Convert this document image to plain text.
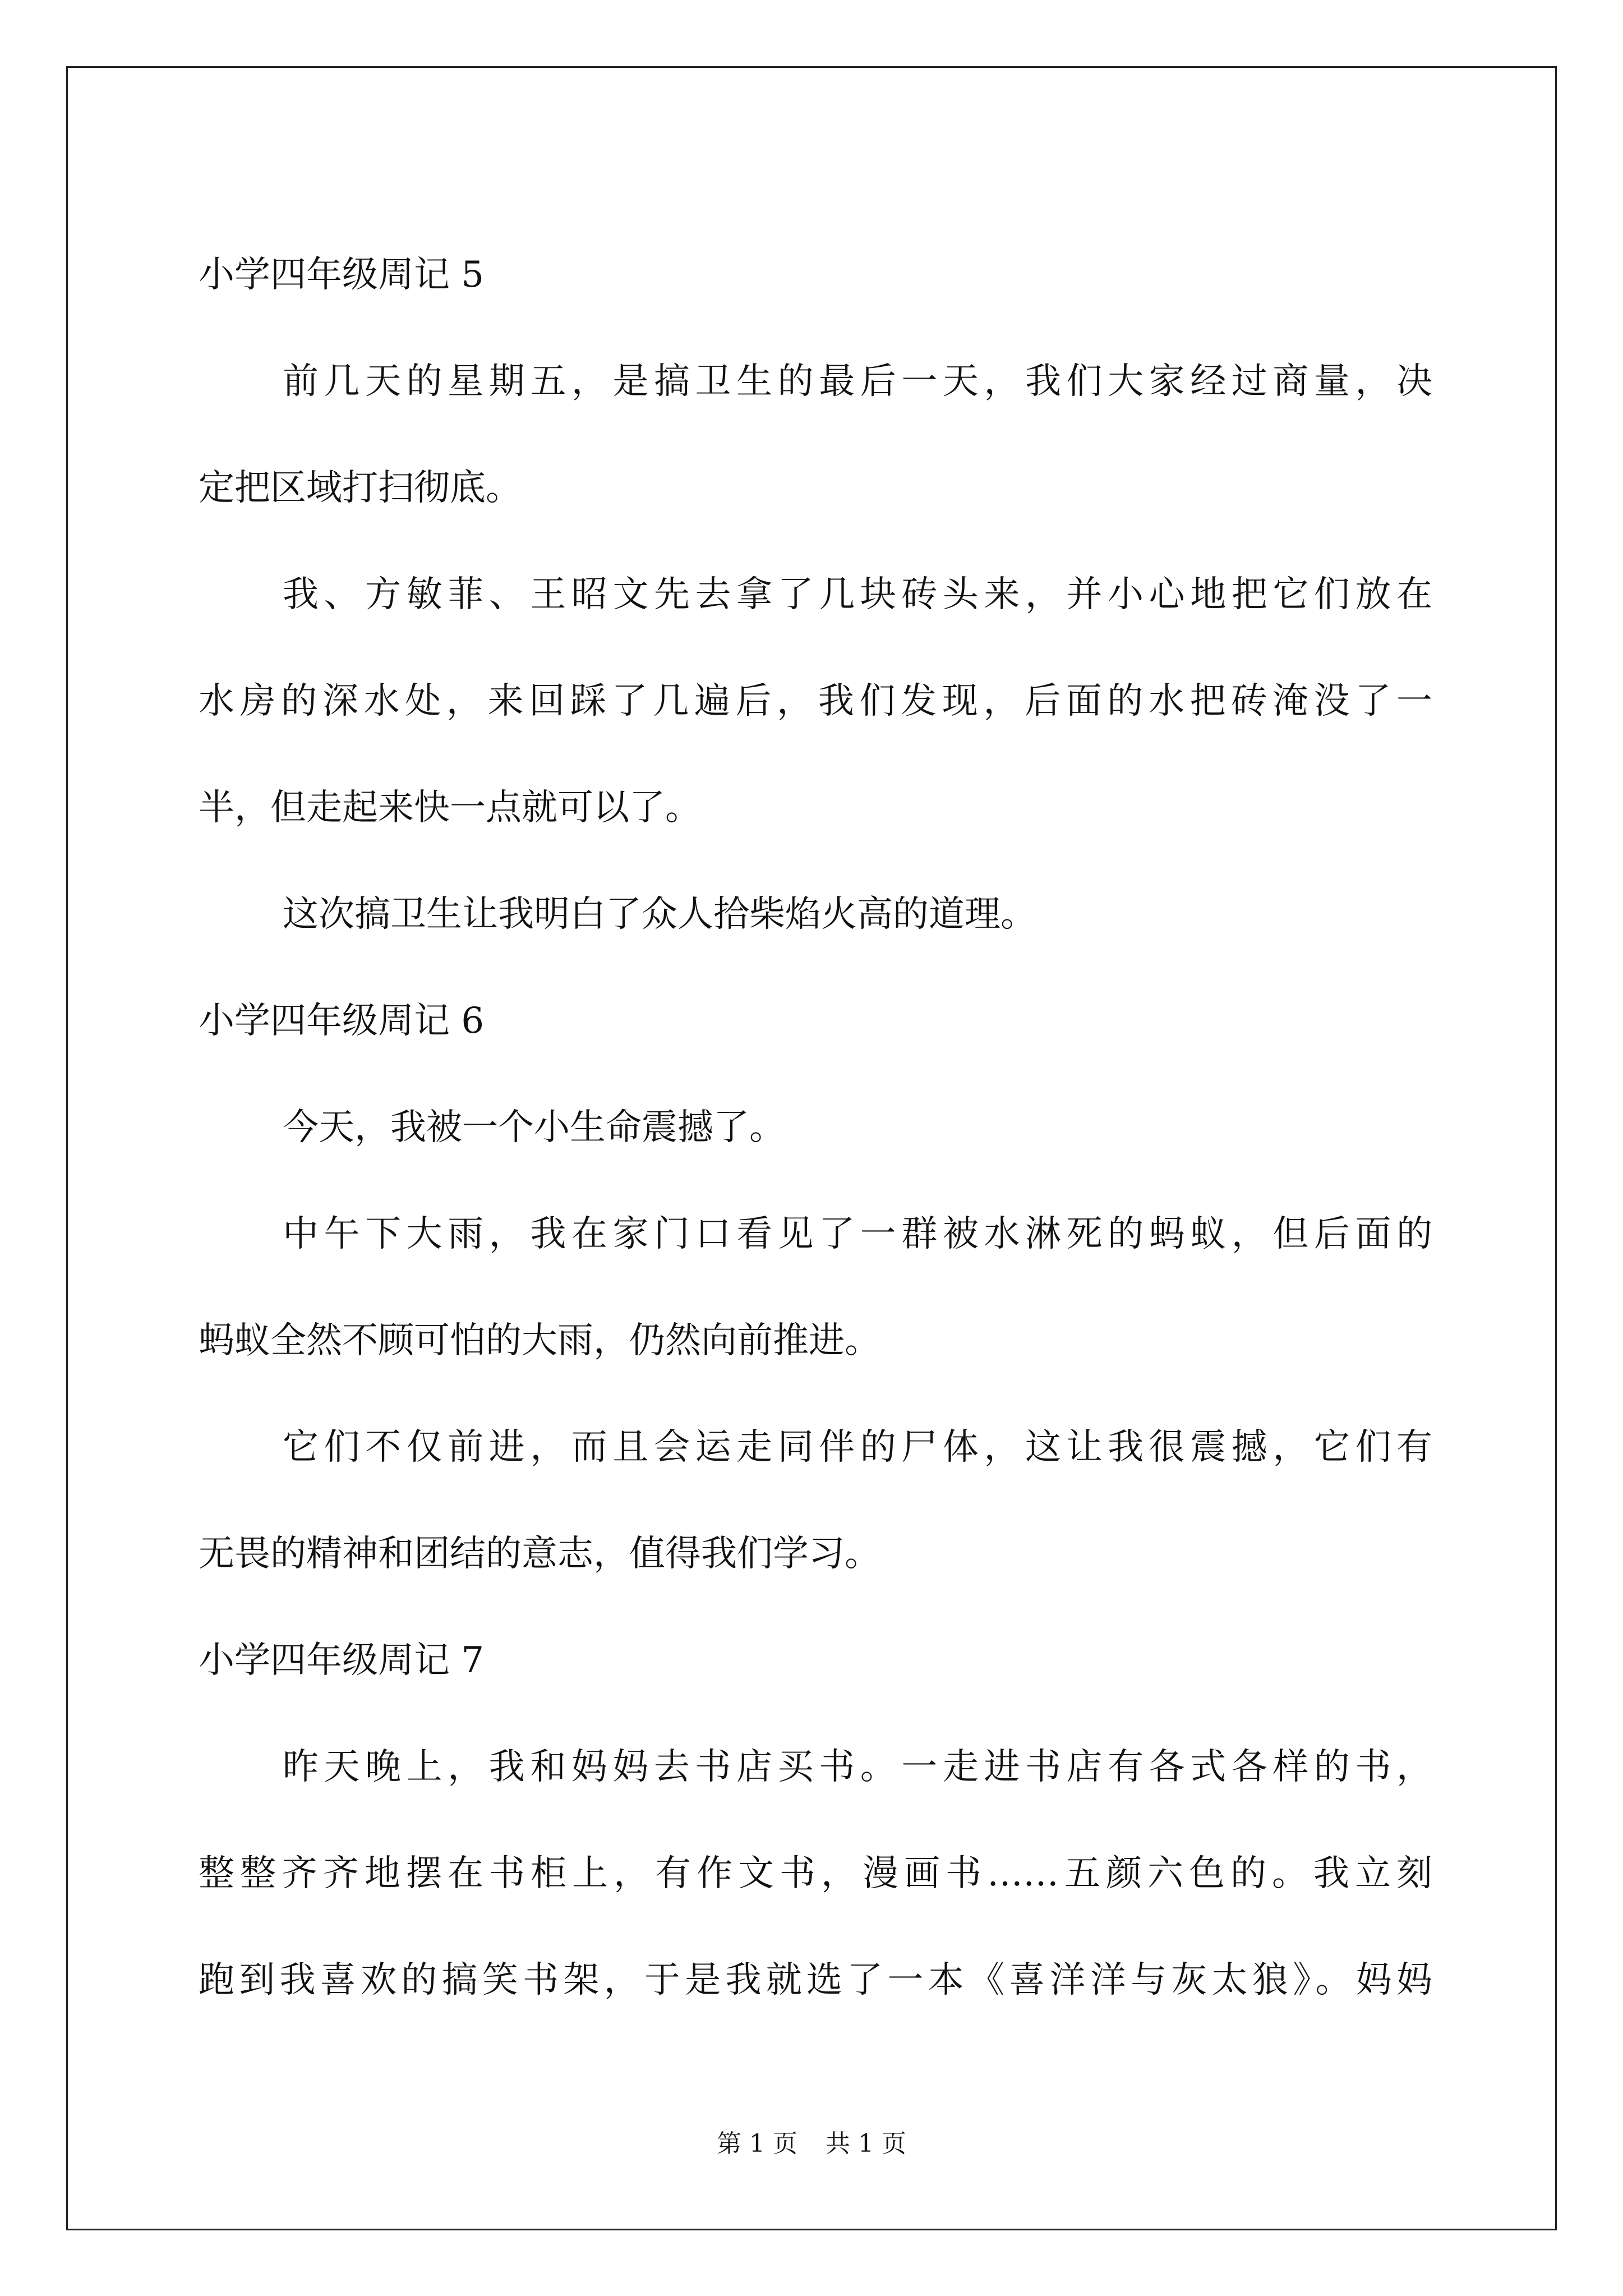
小学四年级周记 5
前几天的星期五，是搞卫生的最后一天，我们大家经过商量，决
定把区域打扫彻底。
我、方敏菲、王昭文先去拿了几块砖头来，并小心地把它们放在
水房的深水处，来回踩了几遍后，我们发现，后面的水把砖淹没了一
半，但走起来快一点就可以了。
这次搞卫生让我明白了众人拾柴焰火高的道理。
小学四年级周记 6
今天，我被一个小生命震撼了。
中午下大雨，我在家门口看见了一群被水淋死的蚂蚁，但后面的
蚂蚁全然不顾可怕的大雨，仍然向前推进。
它们不仅前进，而且会运走同伴的尸体，这让我很震撼，它们有
无畏的精神和团结的意志，值得我们学习。
小学四年级周记 7
昨天晚上，我和妈妈去书店买书。一走进书店有各式各样的书，
整整齐齐地摆在书柜上，有作文书，漫画书……五颜六色的。我立刻
跑到我喜欢的搞笑书架，于是我就选了一本《喜洋洋与灰太狼》。妈妈
第 1 页 共 1 页
